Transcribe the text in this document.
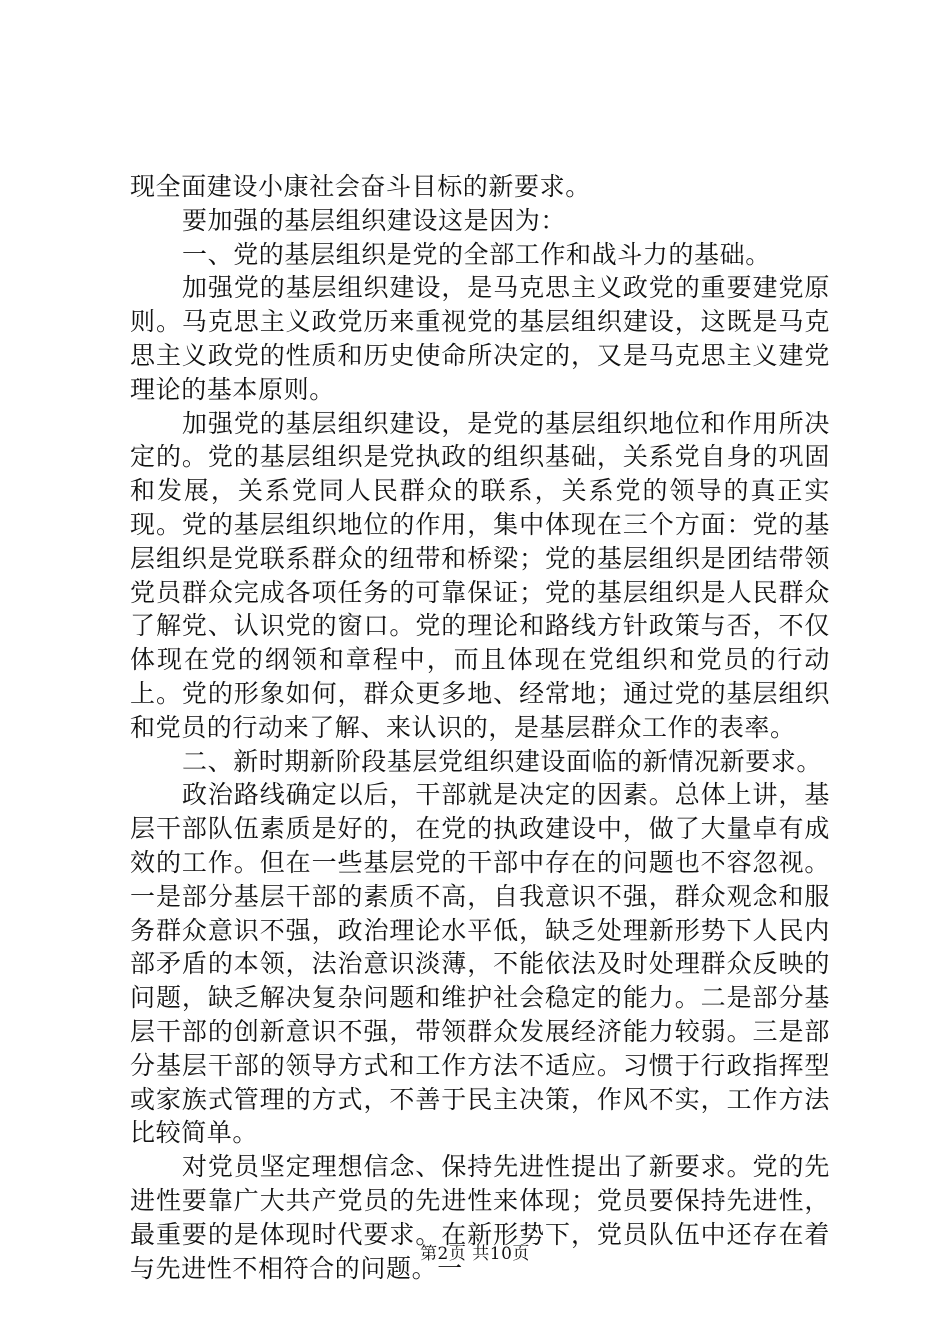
现全面建设小康社会奋斗目标的新要求。

要加强的基层组织建设这是因为：

一、党的基层组织是党的全部工作和战斗力的基础。

加强党的基层组织建设，是马克思主义政党的重要建党原则。马克思主义政党历来重视党的基层组织建设，这既是马克思主义政党的性质和历史使命所决定的，又是马克思主义建党理论的基本原则。

加强党的基层组织建设，是党的基层组织地位和作用所决定的。党的基层组织是党执政的组织基础，关系党自身的巩固和发展，关系党同人民群众的联系，关系党的领导的真正实现。党的基层组织地位的作用，集中体现在三个方面：党的基层组织是党联系群众的纽带和桥梁；党的基层组织是团结带领党员群众完成各项任务的可靠保证；党的基层组织是人民群众了解党、认识党的窗口。党的理论和路线方针政策与否，不仅体现在党的纲领和章程中，而且体现在党组织和党员的行动上。党的形象如何，群众更多地、经常地；通过党的基层组织和党员的行动来了解、来认识的，是基层群众工作的表率。

二、新时期新阶段基层党组织建设面临的新情况新要求。

政治路线确定以后，干部就是决定的因素。总体上讲，基层干部队伍素质是好的，在党的执政建设中，做了大量卓有成效的工作。但在一些基层党的干部中存在的问题也不容忽视。一是部分基层干部的素质不高，自我意识不强，群众观念和服务群众意识不强，政治理论水平低，缺乏处理新形势下人民内部矛盾的本领，法治意识淡薄，不能依法及时处理群众反映的问题，缺乏解决复杂问题和维护社会稳定的能力。二是部分基层干部的创新意识不强，带领群众发展经济能力较弱。三是部分基层干部的领导方式和工作方法不适应。习惯于行政指挥型或家族式管理的方式，不善于民主决策，作风不实，工作方法比较简单。

对党员坚定理想信念、保持先进性提出了新要求。党的先进性要靠广大共产党员的先进性来体现；党员要保持先进性，最重要的是体现时代要求。在新形势下，党员队伍中还存在着与先进性不相符合的问题。一

第2页 共10页
